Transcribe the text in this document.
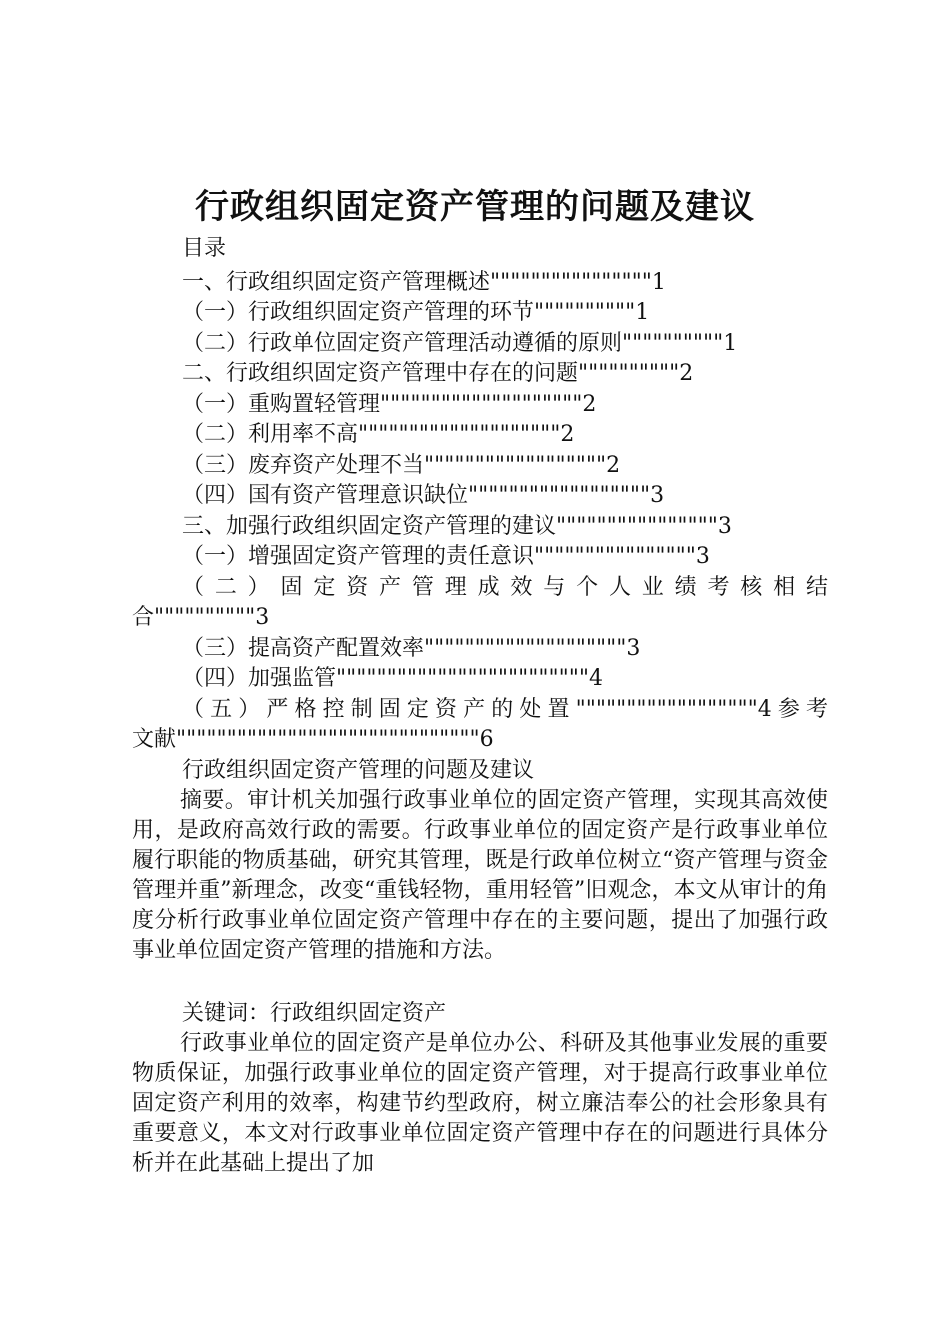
行政组织固定资产管理的问题及建议
目录
一、行政组织固定资产管理概述""""""""""""""""1
（一）行政组织固定资产管理的环节""""""""""1
（二）行政单位固定资产管理活动遵循的原则""""""""""1
二、行政组织固定资产管理中存在的问题""""""""""2
（一）重购置轻管理""""""""""""""""""""2
（二）利用率不高""""""""""""""""""""2
（三）废弃资产处理不当""""""""""""""""""2
（四）国有资产管理意识缺位""""""""""""""""""3
三、加强行政组织固定资产管理的建议""""""""""""""""3
（一）增强固定资产管理的责任意识""""""""""""""""3
（二）固定资产管理成效与个人业绩考核相结
合""""""""""3
（三）提高资产配置效率""""""""""""""""""""3
（四）加强监管"""""""""""""""""""""""""4
（五）严格控制固定资产的处置""""""""""""""""""4参考
文献""""""""""""""""""""""""""""""6
行政组织固定资产管理的问题及建议

摘要。审计机关加强行政事业单位的固定资产管理，实现其高效使用，是政府高效行政的需要。行政事业单位的固定资产是行政事业单位履行职能的物质基础，研究其管理，既是行政单位树立“资产管理与资金管理并重”新理念，改变“重钱轻物，重用轻管”旧观念，本文从审计的角度分析行政事业单位固定资产管理中存在的主要问题，提出了加强行政事业单位固定资产管理的措施和方法。

关键词：行政组织固定资产

行政事业单位的固定资产是单位办公、科研及其他事业发展的重要物质保证，加强行政事业单位的固定资产管理，对于提高行政事业单位固定资产利用的效率，构建节约型政府，树立廉洁奉公的社会形象具有重要意义，本文对行政事业单位固定资产管理中存在的问题进行具体分析并在此基础上提出了加
